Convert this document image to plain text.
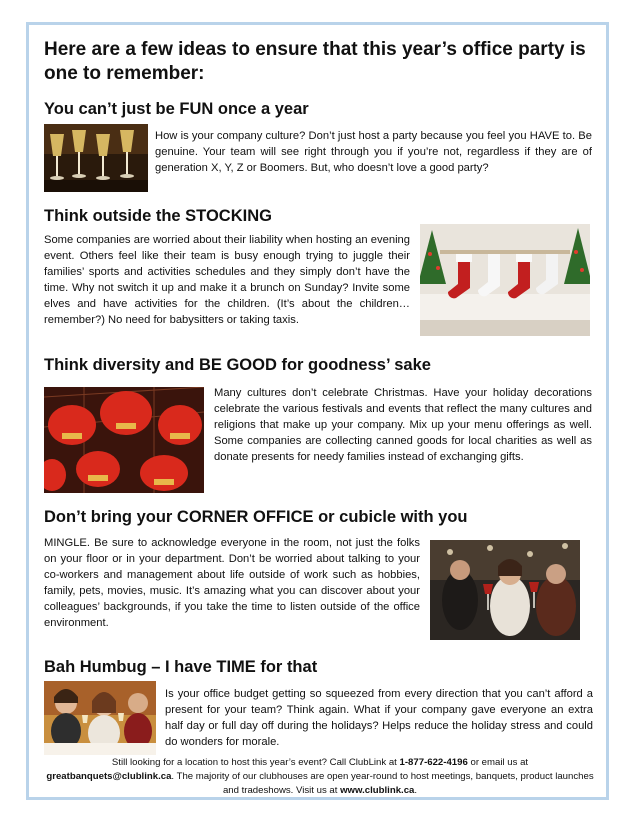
Here are a few ideas to ensure that this year’s office party is one to remember:
You can’t just be FUN once a year

How is your company culture? Don’t just host a party because you feel you HAVE to. Be genuine. Your team will see right through you if you’re not, regardless if they are of generation X, Y, Z or Boomers. But, who doesn’t love a good party?

Think outside the STOCKING

Some companies are worried about their liability when hosting an evening event. Others feel like their team is busy enough trying to juggle their families’ sports and activities schedules and they simply don’t have the time. Why not switch it up and make it a brunch on Sunday? Invite some elves and have activities for the children. (It’s about the children… remember?) No need for babysitters or taking taxis.

Think diversity and BE GOOD for goodness’ sake

Many cultures don’t celebrate Christmas. Have your holiday decorations celebrate the various festivals and events that reflect the many cultures and religions that make up your company. Mix up your menu offerings as well. Some companies are collecting canned goods for local charities as well as donate presents for needy families instead of exchanging gifts.

Don’t bring your CORNER OFFICE or cubicle with you

MINGLE. Be sure to acknowledge everyone in the room, not just the folks on your floor or in your department. Don’t be worried about talking to your co-workers and management about life outside of work such as hobbies, family, pets, movies, music. It’s amazing what you can discover about your colleagues’ backgrounds, if you take the time to listen outside of the office environment.

Bah Humbug – I have TIME for that

Is your office budget getting so squeezed from every direction that you can’t afford a present for your team? Think again. What if your company gave everyone an extra half day or full day off during the holidays? Helps reduce the holiday stress and could do wonders for morale.

Still looking for a location to host this year’s event? Call ClubLink at 1-877-622-4196 or email us at
greatbanquets@clublink.ca. The majority of our clubhouses are open year-round to host meetings, banquets, product launches and tradeshows. Visit us at www.clublink.ca.
